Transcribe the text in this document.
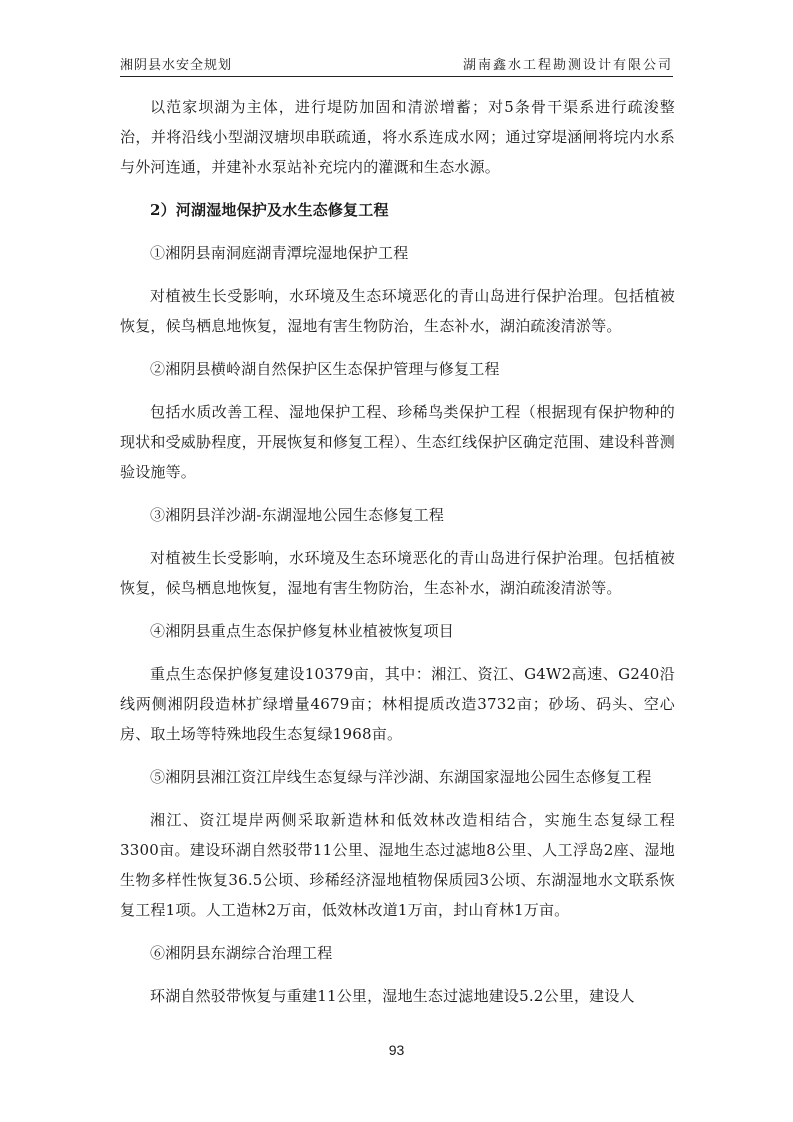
湘阴县水安全规划	湖南鑫水工程勘测设计有限公司

以范家坝湖为主体，进行堤防加固和清淤增蓄；对5条骨干渠系进行疏浚整治，并将沿线小型湖汊塘坝串联疏通，将水系连成水网；通过穿堤涵闸将垸内水系与外河连通，并建补水泵站补充垸内的灌溉和生态水源。

2）河湖湿地保护及水生态修复工程

①湘阴县南洞庭湖青潭垸湿地保护工程

对植被生长受影响，水环境及生态环境恶化的青山岛进行保护治理。包括植被恢复，候鸟栖息地恢复，湿地有害生物防治，生态补水，湖泊疏浚清淤等。

②湘阴县横岭湖自然保护区生态保护管理与修复工程

包括水质改善工程、湿地保护工程、珍稀鸟类保护工程（根据现有保护物种的现状和受威胁程度，开展恢复和修复工程）、生态红线保护区确定范围、建设科普测验设施等。

③湘阴县洋沙湖-东湖湿地公园生态修复工程

对植被生长受影响，水环境及生态环境恶化的青山岛进行保护治理。包括植被恢复，候鸟栖息地恢复，湿地有害生物防治，生态补水，湖泊疏浚清淤等。

④湘阴县重点生态保护修复林业植被恢复项目

重点生态保护修复建设10379亩，其中：湘江、资江、G4W2高速、G240沿线两侧湘阴段造林扩绿增量4679亩；林相提质改造3732亩；砂场、码头、空心房、取土场等特殊地段生态复绿1968亩。

⑤湘阴县湘江资江岸线生态复绿与洋沙湖、东湖国家湿地公园生态修复工程

湘江、资江堤岸两侧采取新造林和低效林改造相结合，实施生态复绿工程3300亩。建设环湖自然驳带11公里、湿地生态过滤地8公里、人工浮岛2座、湿地生物多样性恢复36.5公顷、珍稀经济湿地植物保质园3公顷、东湖湿地水文联系恢复工程1项。人工造林2万亩，低效林改道1万亩，封山育林1万亩。

⑥湘阴县东湖综合治理工程

环湖自然驳带恢复与重建11公里，湿地生态过滤地建设5.2公里，建设人

93
